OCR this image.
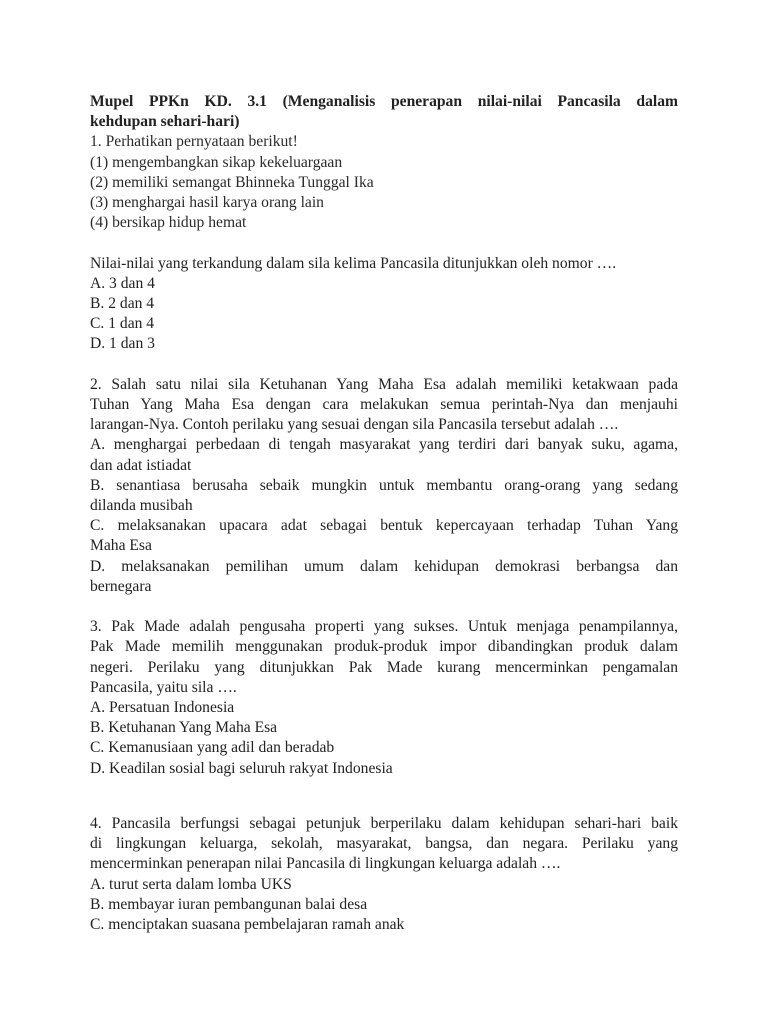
Mupel PPKn KD. 3.1 (Menganalisis penerapan nilai-nilai Pancasila dalam
kehdupan sehari-hari)
1. Perhatikan pernyataan berikut!
(1) mengembangkan sikap kekeluargaan
(2) memiliki semangat Bhinneka Tunggal Ika
(3) menghargai hasil karya orang lain
(4) bersikap hidup hemat
Nilai-nilai yang terkandung dalam sila kelima Pancasila ditunjukkan oleh nomor ….
A. 3 dan 4
B. 2 dan 4
C. 1 dan 4
D. 1 dan 3
2. Salah satu nilai sila Ketuhanan Yang Maha Esa adalah memiliki ketakwaan pada
Tuhan Yang Maha Esa dengan cara melakukan semua perintah-Nya dan menjauhi
larangan-Nya. Contoh perilaku yang sesuai dengan sila Pancasila tersebut adalah ….
A. menghargai perbedaan di tengah masyarakat yang terdiri dari banyak suku, agama,
dan adat istiadat
B. senantiasa berusaha sebaik mungkin untuk membantu orang-orang yang sedang
dilanda musibah
C. melaksanakan upacara adat sebagai bentuk kepercayaan terhadap Tuhan Yang
Maha Esa
D. melaksanakan pemilihan umum dalam kehidupan demokrasi berbangsa dan
bernegara
3. Pak Made adalah pengusaha properti yang sukses. Untuk menjaga penampilannya,
Pak Made memilih menggunakan produk-produk impor dibandingkan produk dalam
negeri. Perilaku yang ditunjukkan Pak Made kurang mencerminkan pengamalan
Pancasila, yaitu sila ….
A. Persatuan Indonesia
B. Ketuhanan Yang Maha Esa
C. Kemanusiaan yang adil dan beradab
D. Keadilan sosial bagi seluruh rakyat Indonesia
4. Pancasila berfungsi sebagai petunjuk berperilaku dalam kehidupan sehari-hari baik
di lingkungan keluarga, sekolah, masyarakat, bangsa, dan negara. Perilaku yang
mencerminkan penerapan nilai Pancasila di lingkungan keluarga adalah ….
A. turut serta dalam lomba UKS
B. membayar iuran pembangunan balai desa
C. menciptakan suasana pembelajaran ramah anak
